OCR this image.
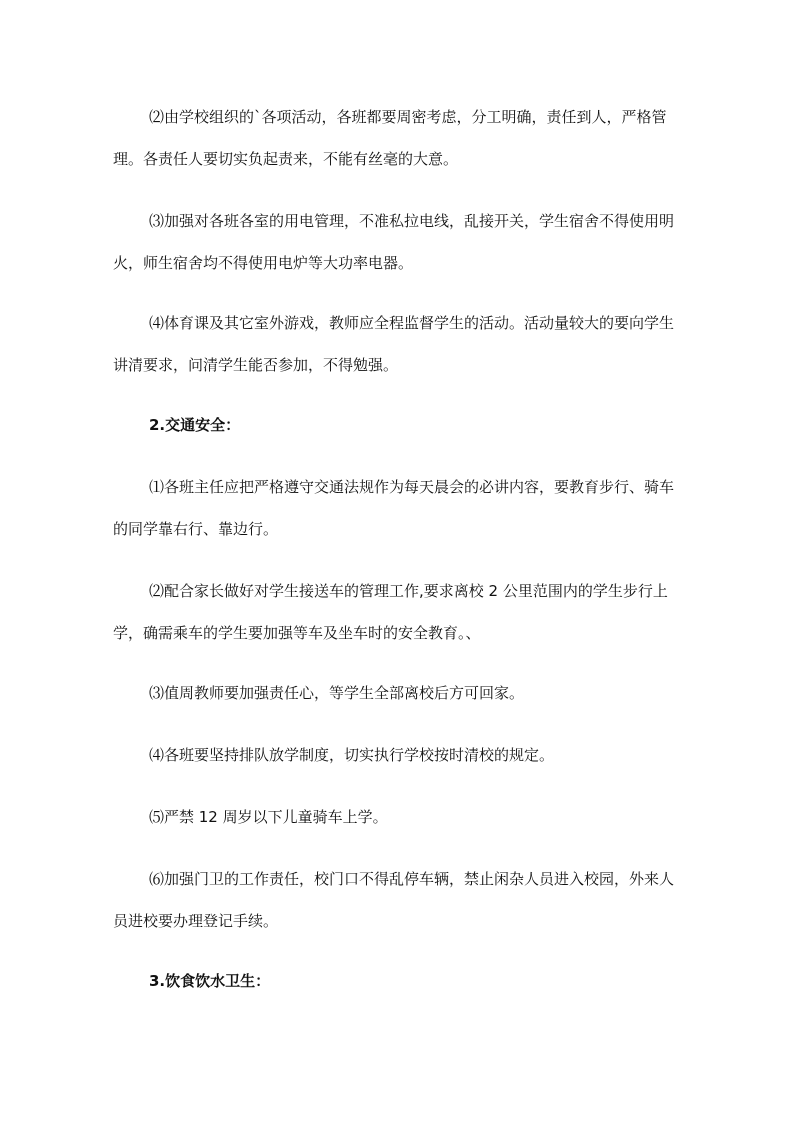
⑵由学校组织的`各项活动，各班都要周密考虑，分工明确，责任到人，严格管理。各责任人要切实负起责来，不能有丝毫的大意。

⑶加强对各班各室的用电管理，不准私拉电线，乱接开关，学生宿舍不得使用明火，师生宿舍均不得使用电炉等大功率电器。

⑷体育课及其它室外游戏，教师应全程监督学生的活动。活动量较大的要向学生讲清要求，问清学生能否参加，不得勉强。

2.交通安全：

⑴各班主任应把严格遵守交通法规作为每天晨会的必讲内容，要教育步行、骑车的同学靠右行、靠边行。

⑵配合家长做好对学生接送车的管理工作,要求离校 2 公里范围内的学生步行上学，确需乘车的学生要加强等车及坐车时的安全教育。、

⑶值周教师要加强责任心，等学生全部离校后方可回家。

⑷各班要坚持排队放学制度，切实执行学校按时清校的规定。

⑸严禁 12 周岁以下儿童骑车上学。

⑹加强门卫的工作责任，校门口不得乱停车辆，禁止闲杂人员进入校园，外来人员进校要办理登记手续。

3.饮食饮水卫生：
